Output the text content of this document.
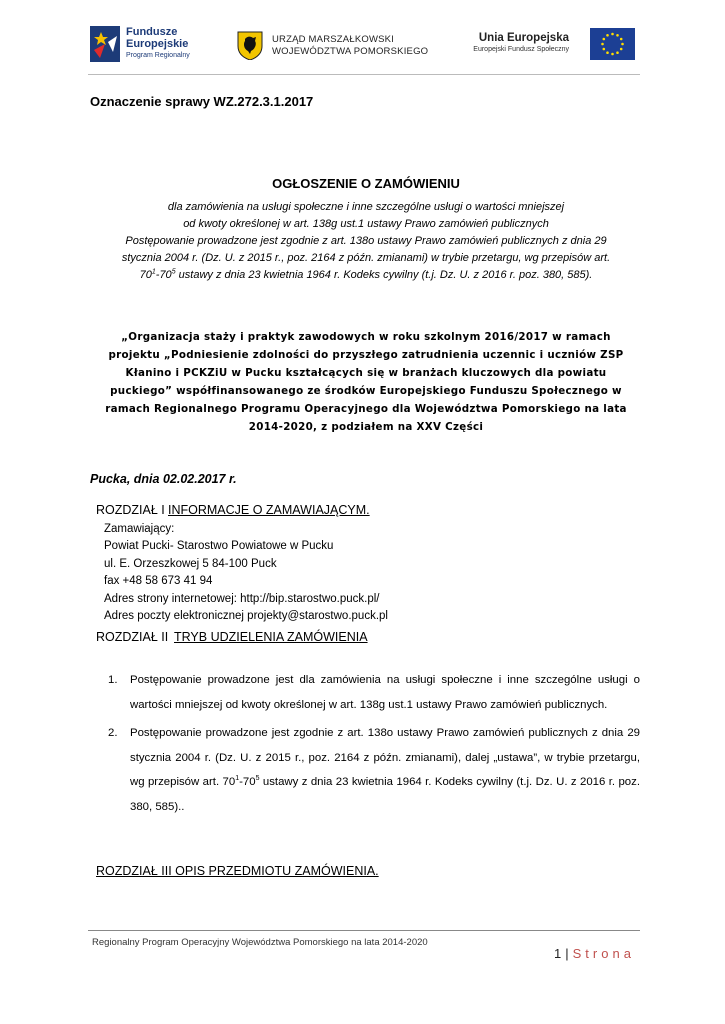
Fundusze
Europejskie
Program Regionalny
URZĄD MARSZAŁKOWSKI
WOJEWÓDZTWA POMORSKIEGO
Unia Europejska
Europejski Fundusz Społeczny
Oznaczenie sprawy WZ.272.3.1.2017
OGŁOSZENIE O ZAMÓWIENIU

dla zamówienia na usługi społeczne i inne szczególne usługi o wartości mniejszej

od kwoty określonej w art. 138g ust.1 ustawy Prawo zamówień publicznych

Postępowanie prowadzone jest zgodnie z art. 138o ustawy Prawo zamówień publicznych z dnia 29

stycznia 2004 r. (Dz. U. z 2015 r., poz. 2164 z późn. zmianami) w trybie przetargu, wg przepisów art.

$70^1-70^5$ ustawy z dnia 23 kwietnia 1964 r. Kodeks cywilny (t.j. Dz. U. z 2016 r. poz. 380, 585).

„Organizacja staży i praktyk zawodowych w roku szkolnym 2016/2017 w ramach
projektu „Podniesienie zdolności do przyszłego zatrudnienia uczennic i uczniów ZSP
Kłanino i PCKZiU w Pucku kształcących się w branżach kluczowych dla powiatu
puckiego” współfinansowanego ze środków Europejskiego Funduszu Społecznego w
ramach Regionalnego Programu Operacyjnego dla Województwa Pomorskiego na lata
2014-2020, z podziałem na XXV Części
Pucka, dnia 02.02.2017 r.
ROZDZIAŁ I INFORMACJE O ZAMAWIAJĄCYM.
Zamawiający:
Powiat Pucki- Starostwo Powiatowe w Pucku
ul. E. Orzeszkowej 5 84-100 Puck
fax +48 58 673 41 94
Adres strony internetowej: http://bip.starostwo.puck.pl/
Adres poczty elektronicznej projekty@starostwo.puck.pl
ROZDZIAŁ II TRYB UDZIELENIA ZAMÓWIENIA
1. Postępowanie prowadzone jest dla zamówienia na usługi społeczne i inne szczególne usługi o wartości mniejszej od kwoty określonej w art. 138g ust.1 ustawy Prawo zamówień publicznych.
2. Postępowanie prowadzone jest zgodnie z art. 138o ustawy Prawo zamówień publicznych z dnia 29 stycznia 2004 r. (Dz. U. z 2015 r., poz. 2164 z późn. zmianami), dalej „ustawa”, w trybie przetargu, wg przepisów art. $70^1-70^5$ ustawy z dnia 23 kwietnia 1964 r. Kodeks cywilny (t.j. Dz. U. z 2016 r. poz. 380, 585)..
ROZDZIAŁ III OPIS PRZEDMIOTU ZAMÓWIENIA.
Regionalny Program Operacyjny Województwa Pomorskiego na lata 2014-2020
1 | Strona
